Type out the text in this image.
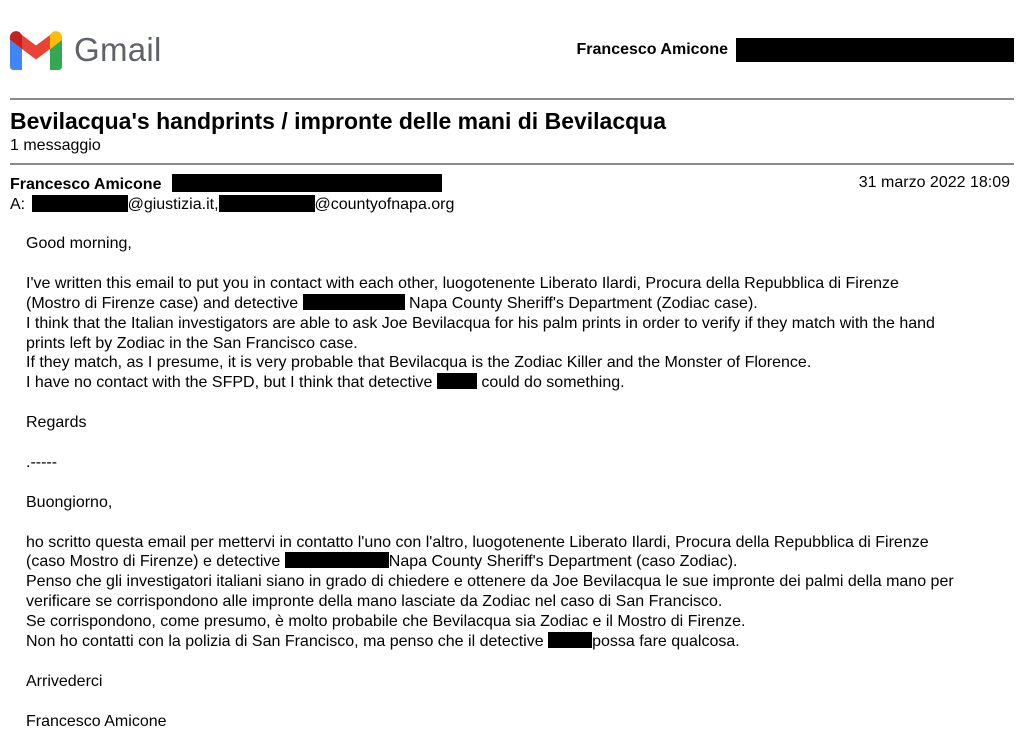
Gmail	Francesco Amicone
Bevilacqua's handprints / impronte delle mani di Bevilacqua
1 messaggio
Francesco Amicone	31 marzo 2022 18:09
A:	@giustizia.it,	@countyofnapa.org

Good morning,

I've written this email to put you in contact with each other, luogotenente Liberato Ilardi, Procura della Repubblica di Firenze

(Mostro di Firenze case) and detective	Napa County Sheriff's Department (Zodiac case).

I think that the Italian investigators are able to ask Joe Bevilacqua for his palm prints in order to verify if they match with the hand

prints left by Zodiac in the San Francisco case.

If they match, as I presume, it is very probable that Bevilacqua is the Zodiac Killer and the Monster of Florence.

I have no contact with the SFPD, but I think that detective	could do something.

Regards

.-----

Buongiorno,

ho scritto questa email per mettervi in contatto l'uno con l'altro, luogotenente Liberato Ilardi, Procura della Repubblica di Firenze

(caso Mostro di Firenze) e detective	Napa County Sheriff's Department (caso Zodiac).

Penso che gli investigatori italiani siano in grado di chiedere e ottenere da Joe Bevilacqua le sue impronte dei palmi della mano per

verificare se corrispondono alle impronte della mano lasciate da Zodiac nel caso di San Francisco.

Se corrispondono, come presumo, è molto probabile che Bevilacqua sia Zodiac e il Mostro di Firenze.

Non ho contatti con la polizia di San Francisco, ma penso che il detective	possa fare qualcosa.

Arrivederci

Francesco Amicone
